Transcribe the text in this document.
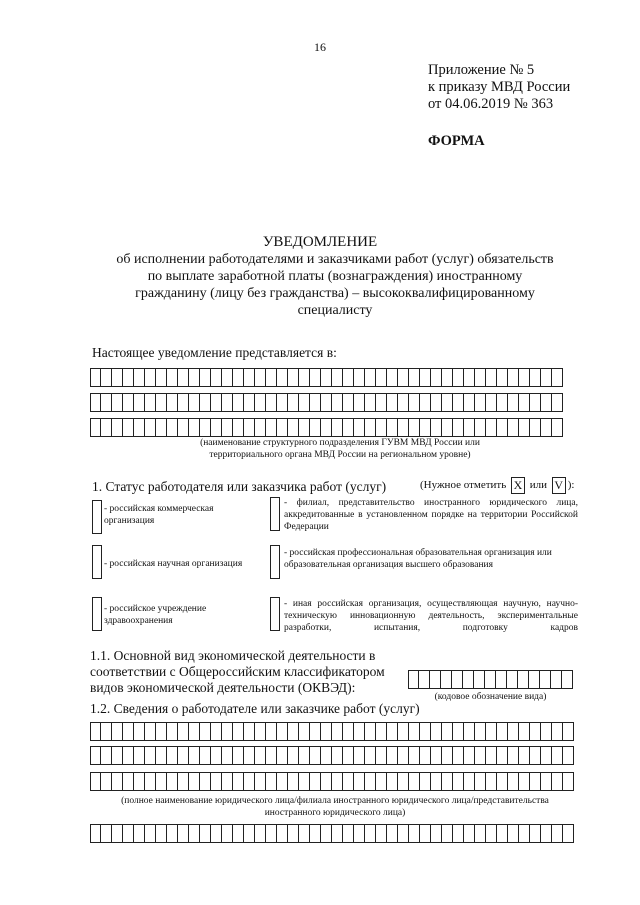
16
Приложение № 5
к приказу МВД России
от 04.06.2019 № 363
ФОРМА
УВЕДОМЛЕНИЕ
об исполнении работодателями и заказчиками работ (услуг) обязательств
по выплате заработной платы (вознаграждения) иностранному
гражданину (лицу без гражданства) – высококвалифицированному
специалисту
Настоящее уведомление представляется в:
(наименование структурного подразделения ГУВМ МВД России или
территориального органа МВД России на региональном уровне)
1. Статус работодателя или заказчика работ (услуг)	(Нужное отметить X или V ):
- российская коммерческая организация
- филиал, представительство иностранного юридического лица, аккредитованные в установленном порядке на территории Российской Федерации
- российская научная организация
- российская профессиональная образовательная организация или образовательная организация высшего образования
- российское учреждение здравоохранения
- иная российская организация, осуществляющая научную, научно-техническую инновационную деятельность, экспериментальные разработки, испытания, подготовку кадров
1.1. Основной вид экономической деятельности в
соответствии с Общероссийским классификатором
видов экономической деятельности (ОКВЭД):
(кодовое обозначение вида)
1.2. Сведения о работодателе или заказчике работ (услуг)
(полное наименование юридического лица/филиала иностранного юридического лица/представительства
иностранного юридического лица)
